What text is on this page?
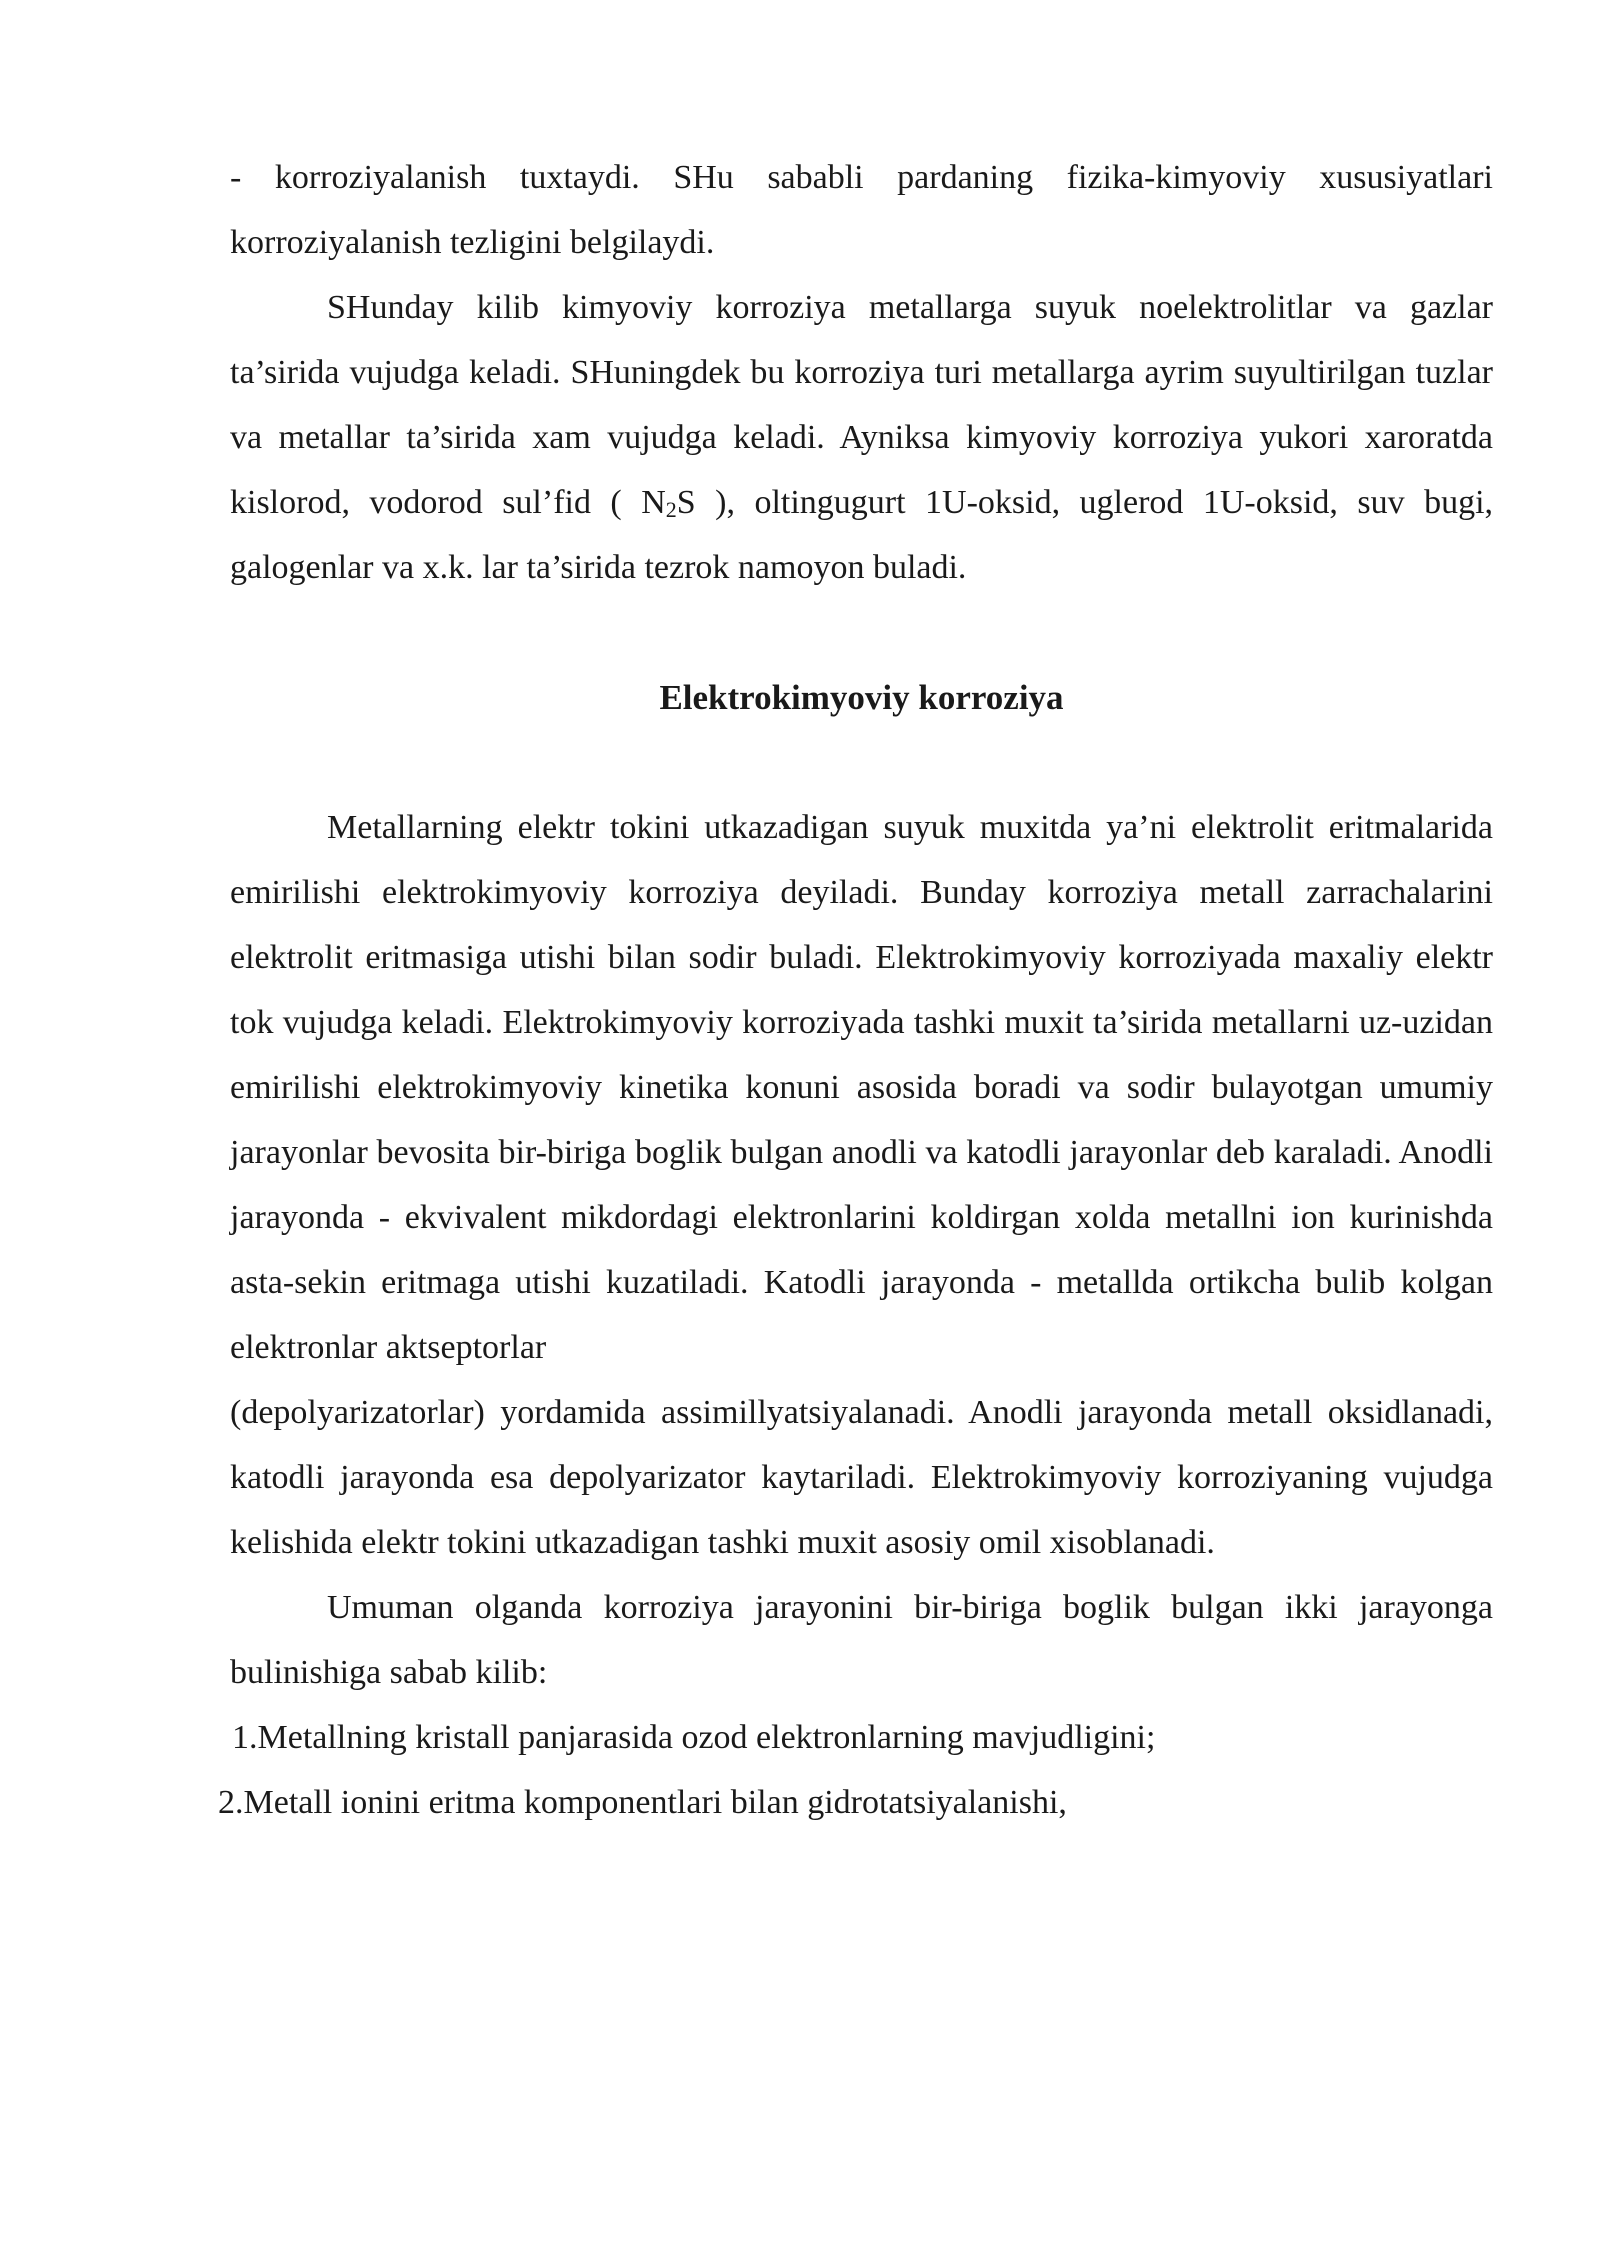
- korroziyalanish tuxtaydi. SHu sababli pardaning fizika-kimyoviy xususiyatlari korroziyalanish tezligini belgilaydi.

SHunday kilib kimyoviy korroziya metallarga suyuk noelektrolitlar va gazlar ta’sirida vujudga keladi. SHuningdek bu korroziya turi metallarga ayrim suyultirilgan tuzlar va metallar ta’sirida xam vujudga keladi. Ayniksa kimyoviy korroziya yukori xaroratda kislorod, vodorod sul’fid ( $N_2S$ ), oltingugurt 1U-oksid, uglerod 1U-oksid, suv bugi, galogenlar va x.k. lar ta’sirida tezrok namoyon buladi.

Elektrokimyoviy korroziya

Metallarning elektr tokini utkazadigan suyuk muxitda ya’ni elektrolit eritmalarida emirilishi elektrokimyoviy korroziya deyiladi. Bunday korroziya metall zarrachalarini elektrolit eritmasiga utishi bilan sodir buladi. Elektrokimyoviy korroziyada maxaliy elektr tok vujudga keladi. Elektrokimyoviy korroziyada tashki muxit ta’sirida metallarni uz-uzidan emirilishi elektrokimyoviy kinetika konuni asosida boradi va sodir bulayotgan umumiy jarayonlar bevosita bir-biriga boglik bulgan anodli va katodli jarayonlar deb karaladi. Anodli jarayonda - ekvivalent mikdordagi elektronlarini koldirgan xolda metallni ion kurinishda asta-sekin eritmaga utishi kuzatiladi. Katodli jarayonda - metallda ortikcha bulib kolgan elektronlar aktseptorlar

(depolyarizatorlar) yordamida assimillyatsiyalanadi. Anodli jarayonda metall oksidlanadi, katodli jarayonda esa depolyarizator kaytariladi. Elektrokimyoviy korroziyaning vujudga kelishida elektr tokini utkazadigan tashki muxit asosiy omil xisoblanadi.

Umuman olganda korroziya jarayonini bir-biriga boglik bulgan ikki jarayonga bulinishiga sabab kilib:

1.Metallning kristall panjarasida ozod elektronlarning mavjudligini;

2.Metall ionini eritma komponentlari bilan gidrotatsiyalanishi,
